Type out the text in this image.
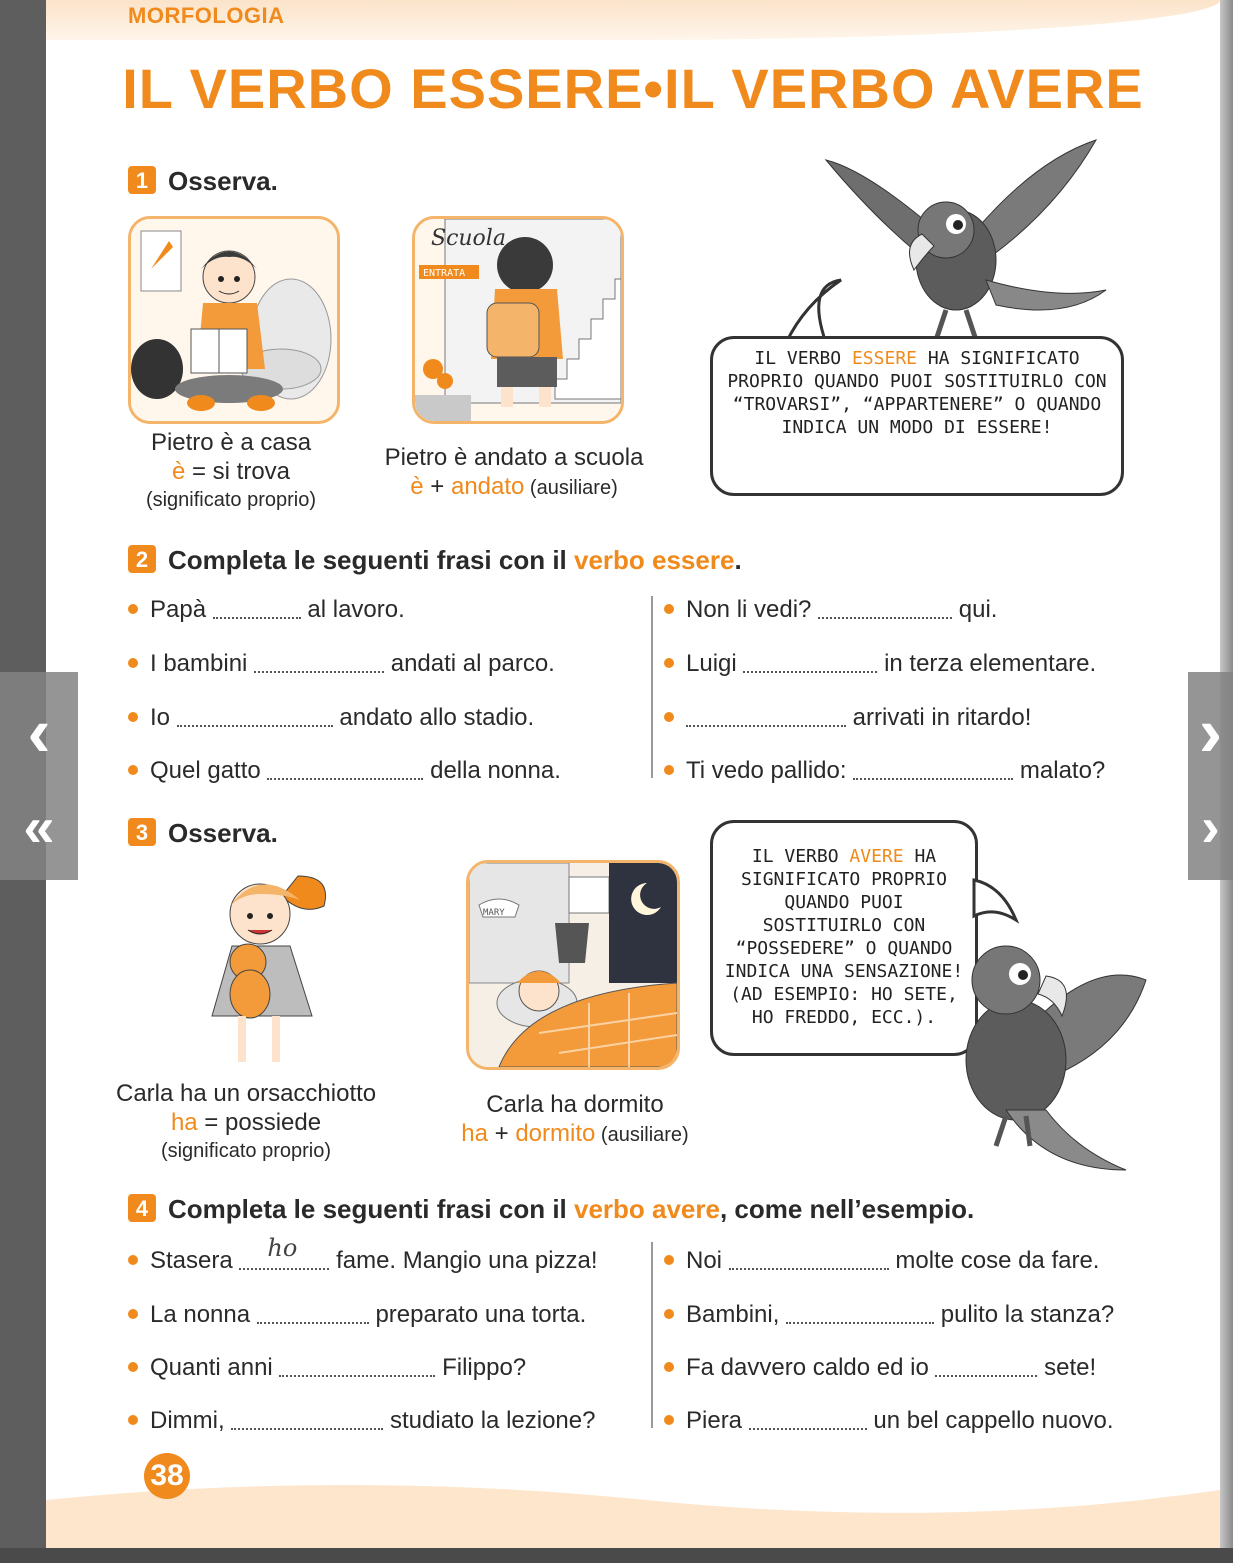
MORFOLOGIA
IL VERBO ESSERE•IL VERBO AVERE
1 Osserva.
Pietro è a casa
è = si trova
(significato proprio)
Scuola
ENTRATA
Pietro è andato a scuola
è + andato (ausiliare)
IL VERBO ESSERE HA SIGNIFICATO PROPRIO QUANDO PUOI SOSTITUIRLO CON “TROVARSI”, “APPARTENERE” O QUANDO INDICA UN MODO DI ESSERE!
2 Completa le seguenti frasi con il verbo essere.
Papà	al lavoro.
I bambini	andati al parco.
Io	andato allo stadio.
Quel gatto	della nonna.
Non li vedi?	qui.
Luigi	in terza elementare.
arrivati in ritardo!
Ti vedo pallido:	malato?
3 Osserva.
Carla ha un orsacchiotto
ha = possiede
(significato proprio)
MARY
Carla ha dormito
ha + dormito (ausiliare)
IL VERBO AVERE HA SIGNIFICATO PROPRIO QUANDO PUOI SOSTITUIRLO CON “POSSEDERE” O QUANDO INDICA UNA SENSAZIONE! (AD ESEMPIO: HO SETE, HO FREDDO, ECC.).
4 Completa le seguenti frasi con il verbo avere, come nell’esempio.
Stasera ho fame. Mangio una pizza!
La nonna	preparato una torta.
Quanti anni	Filippo?
Dimmi,	studiato la lezione?
Noi	molte cose da fare.
Bambini,	pulito la stanza?
Fa davvero caldo ed io	sete!
Piera	un bel cappello nuovo.
38
‹
«
›
›
